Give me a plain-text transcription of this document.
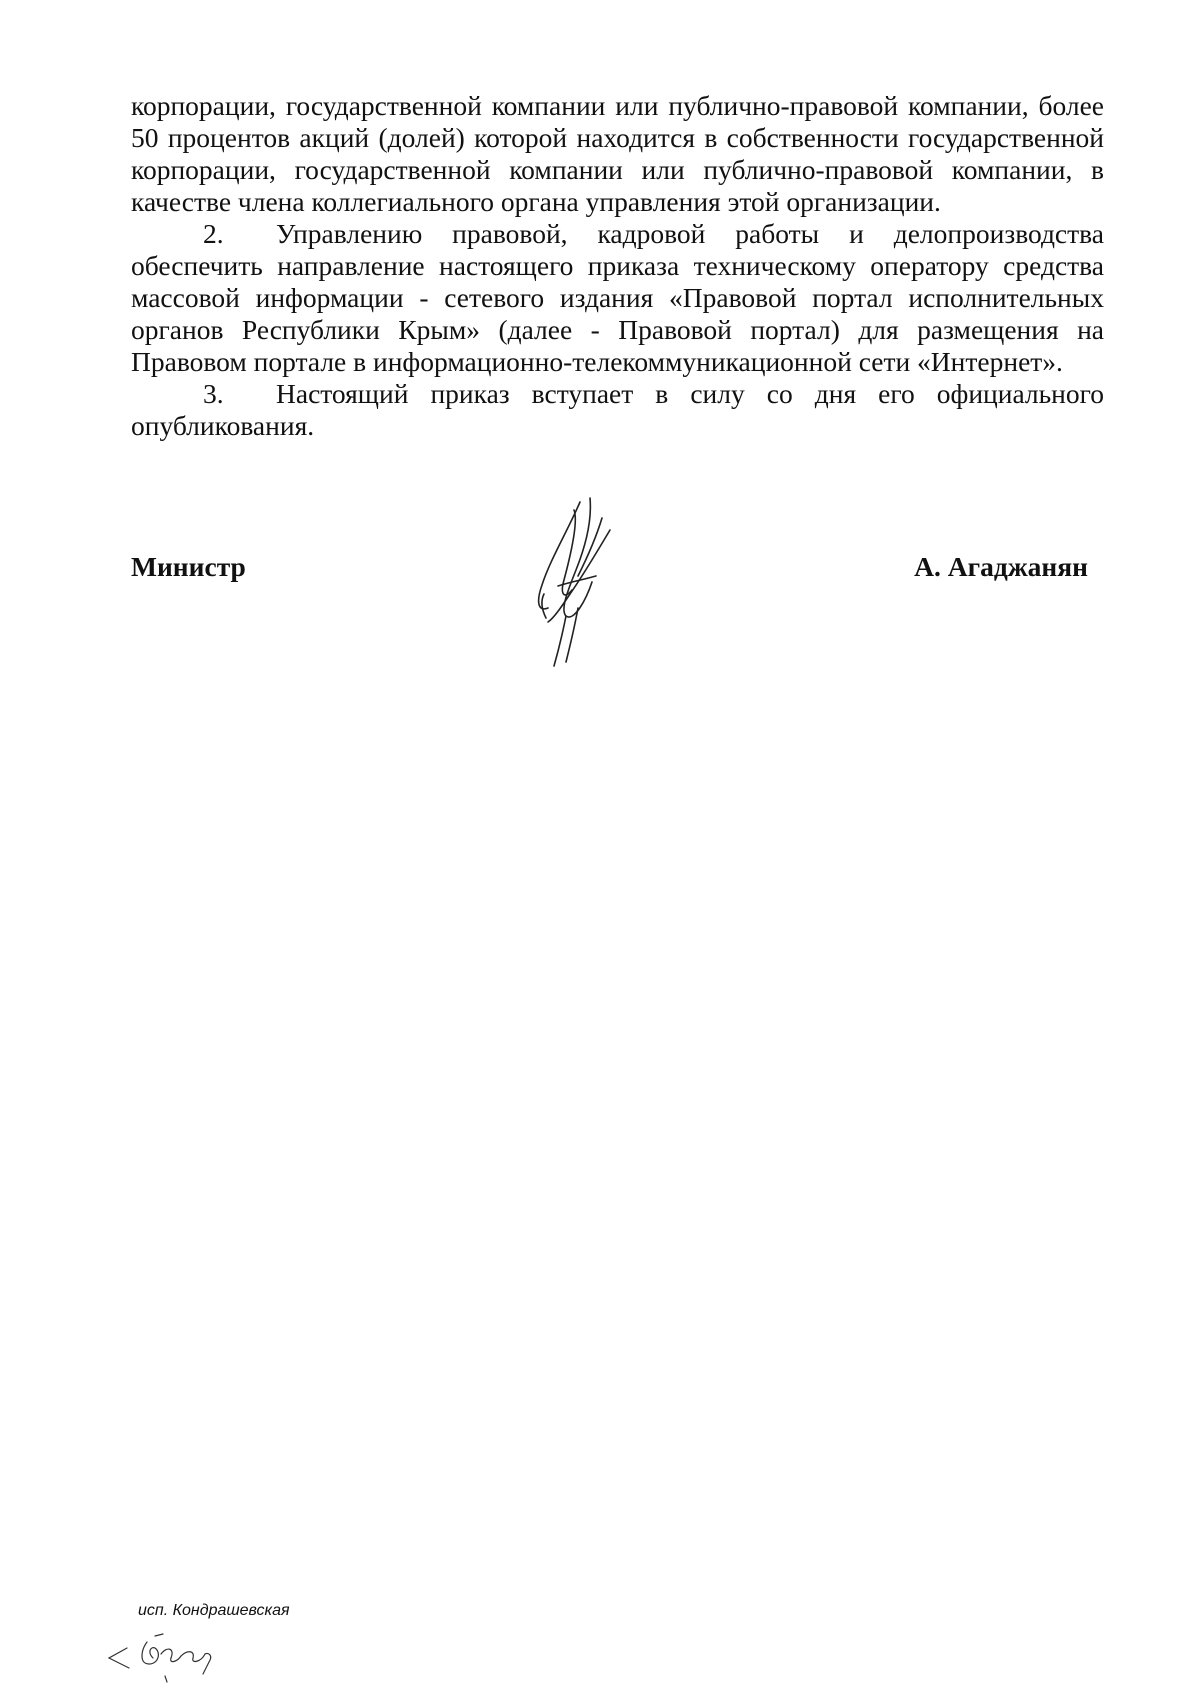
корпорации, государственной компании или публично-правовой компании, более 50 процентов акций (долей) которой находится в собственности государственной корпорации, государственной компании или публично-правовой компании, в качестве члена коллегиального органа управления этой организации.

2. Управлению правовой, кадровой работы и делопроизводства обеспечить направление настоящего приказа техническому оператору средства массовой информации - сетевого издания «Правовой портал исполнительных органов Республики Крым» (далее - Правовой портал) для размещения на Правовом портале в информационно-телекоммуникационной сети «Интернет».

3. Настоящий приказ вступает в силу со дня его официального опубликования.

Министр	А. Агаджанян
исп. Кондрашевская
